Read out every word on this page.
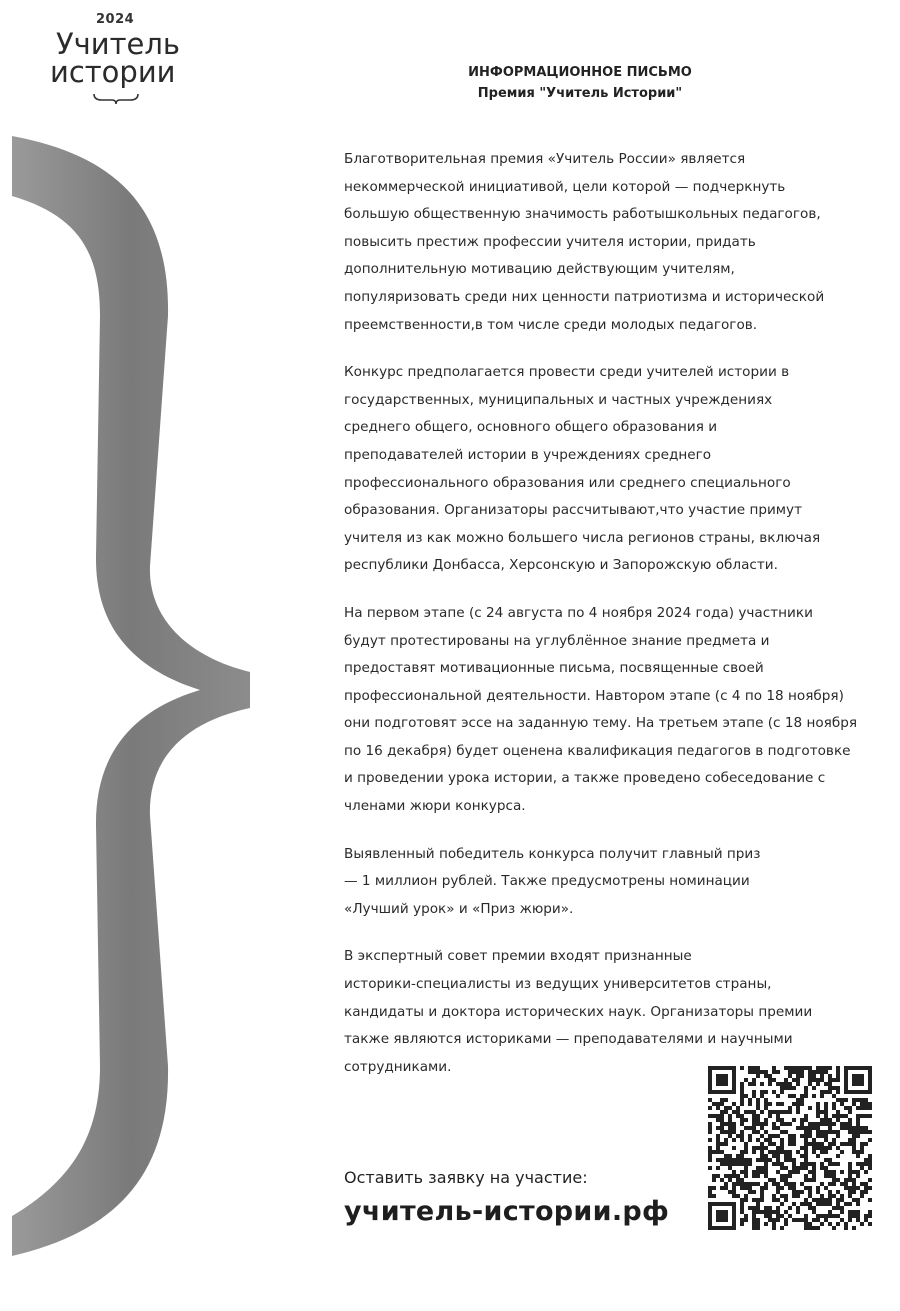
2024
Учитель
истории	ИНФОРМАЦИОННОЕ ПИСЬМО
Премия "Учитель Истории"

Благотворительная премия «Учитель России» является
некоммерческой инициативой, цели которой — подчеркнуть
большую общественную значимость работышкольных педагогов,
повысить престиж профессии учителя истории, придать
дополнительную мотивацию действующим учителям,
популяризовать среди них ценности патриотизма и исторической
преемственности,в том числе среди молодых педагогов.

Конкурс предполагается провести среди учителей истории в
государственных, муниципальных и частных учреждениях
среднего общего, основного общего образования и
преподавателей истории в учреждениях среднего
профессионального образования или среднего специального
образования. Организаторы рассчитывают,что участие примут
учителя из как можно большего числа регионов страны, включая
республики Донбасса, Херсонскую и Запорожскую области.

На первом этапе (с 24 августа по 4 ноября 2024 года) участники
будут протестированы на углублённое знание предмета и
предоставят мотивационные письма, посвященные своей
профессиональной деятельности. Навтором этапе (с 4 по 18 ноября)
они подготовят эссе на заданную тему. На третьем этапе (с 18 ноября
по 16 декабря) будет оценена квалификация педагогов в подготовке
и проведении урока истории, а также проведено собеседование с
членами жюри конкурса.

Выявленный победитель конкурса получит главный приз
— 1 миллион рублей. Также предусмотрены номинации
«Лучший урок» и «Приз жюри».

В экспертный совет премии входят признанные
историки-специалисты из ведущих университетов страны,
кандидаты и доктора исторических наук. Организаторы премии
также являются историками — преподавателями и научными
сотрудниками.

Оставить заявку на участие:
учитель-истории.рф
